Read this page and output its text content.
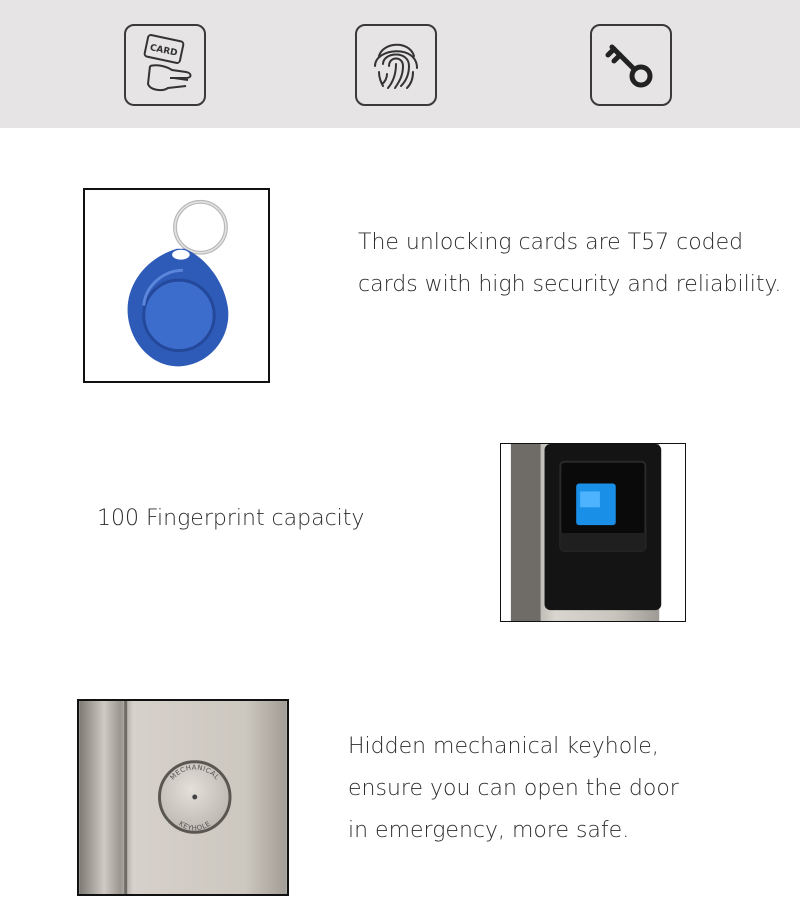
CARD
The unlocking cards are T57 coded
cards with high security and reliability.
100 Fingerprint capacity
MECHANICAL
KEYHOLE
Hidden mechanical keyhole,
ensure you can open the door
in emergency, more safe.
